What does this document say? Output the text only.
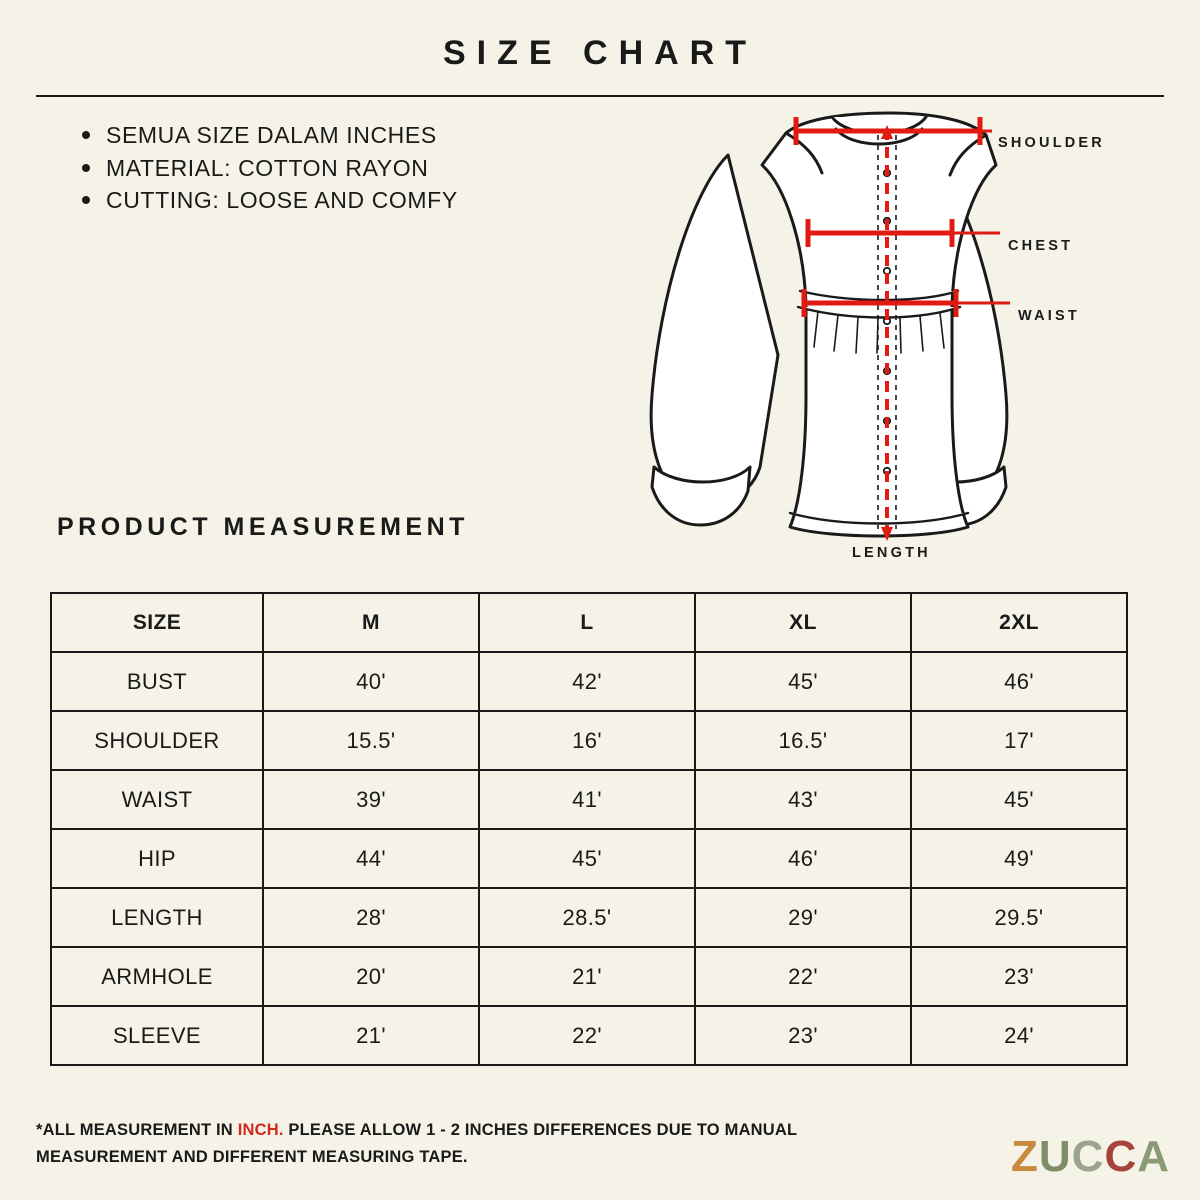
SIZE CHART
SEMUA SIZE DALAM INCHES
MATERIAL: COTTON RAYON
CUTTING: LOOSE AND COMFY
SHOULDER
CHEST
WAIST
LENGTH
PRODUCT MEASUREMENT
SIZE	M	L	XL	2XL
BUST	40'	42'	45'	46'
SHOULDER	15.5'	16'	16.5'	17'
WAIST	39'	41'	43'	45'
HIP	44'	45'	46'	49'
LENGTH	28'	28.5'	29'	29.5'
ARMHOLE	20'	21'	22'	23'
SLEEVE	21'	22'	23'	24'
*ALL MEASUREMENT IN INCH. PLEASE ALLOW 1 - 2 INCHES DIFFERENCES DUE TO MANUAL MEASUREMENT AND DIFFERENT MEASURING TAPE.	ZUCCA
